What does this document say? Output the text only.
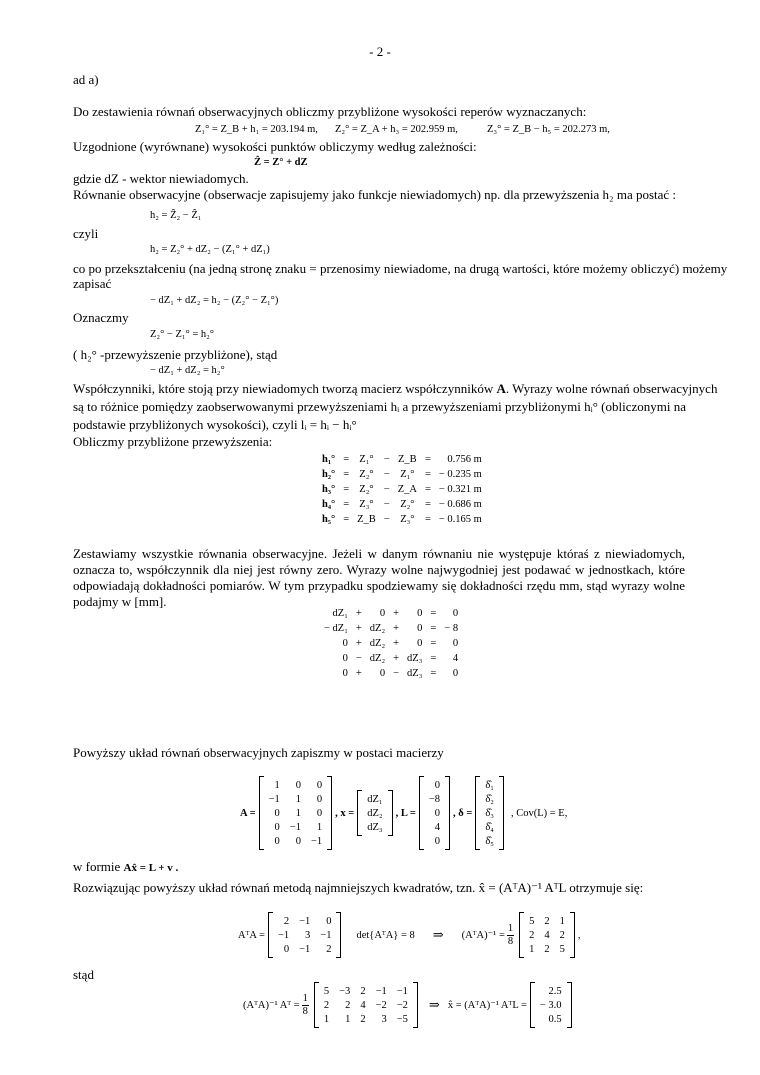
- 2 -
ad a)
Do zestawienia równań obserwacyjnych obliczmy przybliżone wysokości reperów wyznaczanych:
Z₁° = Z_B + h₁ = 203.194 m, Z₂° = Z_A + h₃ = 202.959 m,	Z₃° = Z_B − h₅ = 202.273 m,
Uzgodnione (wyrównane) wysokości punktów obliczymy według zależności:
Ẑ = Z° + dZ
gdzie dZ - wektor niewiadomych.
Równanie obserwacyjne (obserwacje zapisujemy jako funkcje niewiadomych) np. dla przewyższenia h₂ ma postać :
h₂ = Ẑ₂ − Ẑ₁
czyli
h₂ = Z₂° + dZ₂ − (Z₁° + dZ₁)
co po przekształceniu (na jedną stronę znaku = przenosimy niewiadome, na drugą wartości, które możemy obliczyć) możemy
zapisać
− dZ₁ + dZ₂ = h₂ − (Z₂° − Z₁°)
Oznaczmy
Z₂° − Z₁° = h₂°
( h₂° -przewyższenie przybliżone), stąd
− dZ₁ + dZ₂ = h₂°
Współczynniki, które stoją przy niewiadomych tworzą macierz współczynników A. Wyrazy wolne równań obserwacyjnych
są to różnice pomiędzy zaobserwowanymi przewyższeniami hᵢ a przewyższeniami przybliżonymi hᵢ° (obliczonymi na
podstawie przybliżonych wysokości), czyli lᵢ = hᵢ − hᵢ°
Obliczmy przybliżone przewyższenia:
h₁°	=	Z₁°	−	Z_B	=	0.756 m
h₂°	=	Z₂°	−	Z₁°	=	− 0.235 m
h₃°	=	Z₂°	−	Z_A	=	− 0.321 m
h₄°	=	Z₃°	−	Z₂°	=	− 0.686 m
h₅°	=	Z_B	−	Z₃°	=	− 0.165 m
Zestawiamy wszystkie równania obserwacyjne. Jeżeli w danym równaniu nie występuje któraś z niewiadomych, oznacza to, współczynnik dla niej jest równy zero. Wyrazy wolne najwygodniej jest podawać w jednostkach, które odpowiadają dokładności pomiarów. W tym przypadku spodziewamy się dokładności rzędu mm, stąd wyrazy wolne podajmy w [mm].
dZ₁	+	0	+	0	=	0
− dZ₁	+	dZ₂	+	0	=	− 8
0	+	dZ₂	+	0	=	0
0	−	dZ₂	+	dZ₃	=	4
0	+	0	−	dZ₃	=	0
Powyższy układ równań obserwacyjnych zapiszmy w postaci macierzy
A =
1	0	0
−1	1	0
0	1	0
0	−1	1
0	0	−1
, x =
dZ₁
dZ₂
dZ₃
, L =
0
−8
0
4
0
, δ =
δ̂₁
δ̂₂
δ̂₃
δ̂₄
δ̂₅
, Cov(L) = E,
w formie Ax̂ = L + v .
Rozwiązując powyższy układ równań metodą najmniejszych kwadratów, tzn. x̂ = (AᵀA)⁻¹ AᵀL otrzymuje się:
AᵀA =
2	−1	0
−1	3	−1
0	−1	2
det{AᵀA} = 8 ⇒ (AᵀA)⁻¹ = $\frac{1}{8}$
5	2	1
2	4	2
1	2	5
,
stąd
(AᵀA)⁻¹ Aᵀ = $\frac{1}{8}$
5	−3	2	−1	−1
2	2	4	−2	−2
1	1	2	3	−5
⇒ x̂ = (AᵀA)⁻¹ AᵀL =
2.5
− 3.0
0.5
